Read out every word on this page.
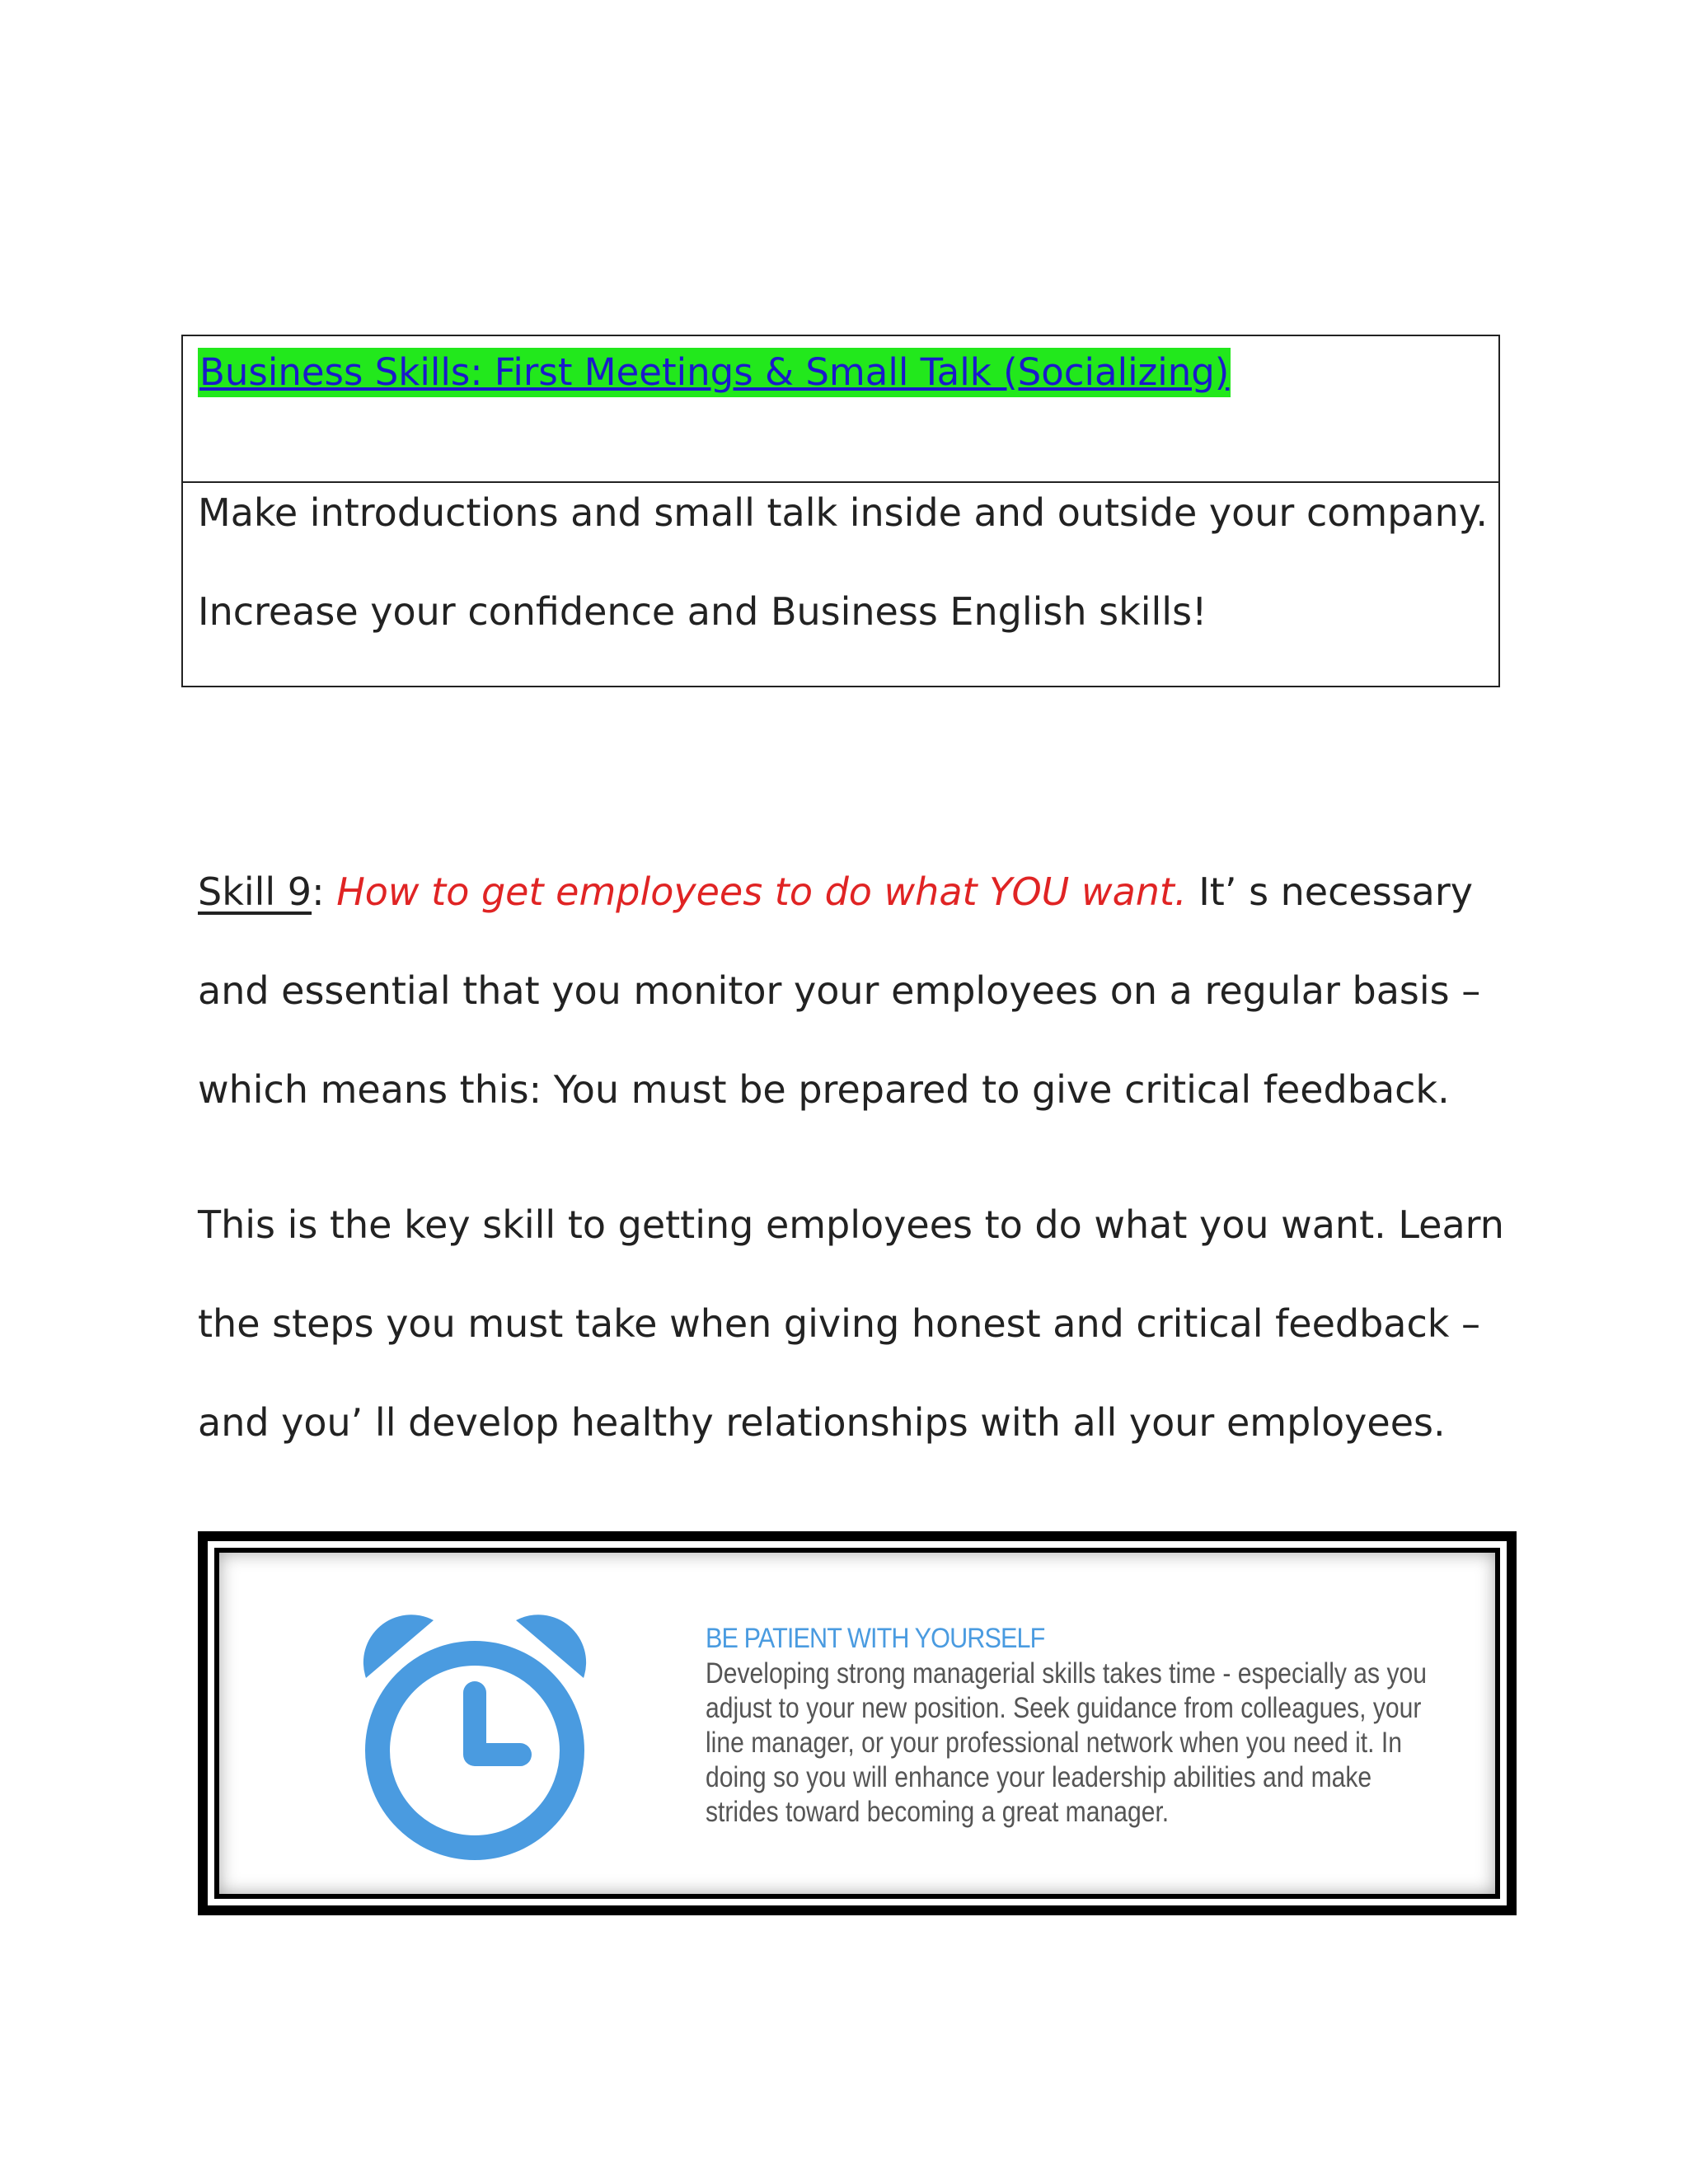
Business Skills: First Meetings & Small Talk (Socializing)

Make introductions and small talk inside and outside your company.

Increase your confidence and Business English skills!

Skill 9: How to get employees to do what YOU want. It’ s necessary

and essential that you monitor your employees on a regular basis –

which means this: You must be prepared to give critical feedback.

This is the key skill to getting employees to do what you want. Learn

the steps you must take when giving honest and critical feedback –

and you’ ll develop healthy relationships with all your employees.

BE PATIENT WITH YOURSELF

Developing strong managerial skills takes time - especially as you

adjust to your new position. Seek guidance from colleagues, your

line manager, or your professional network when you need it. In

doing so you will enhance your leadership abilities and make

strides toward becoming a great manager.
